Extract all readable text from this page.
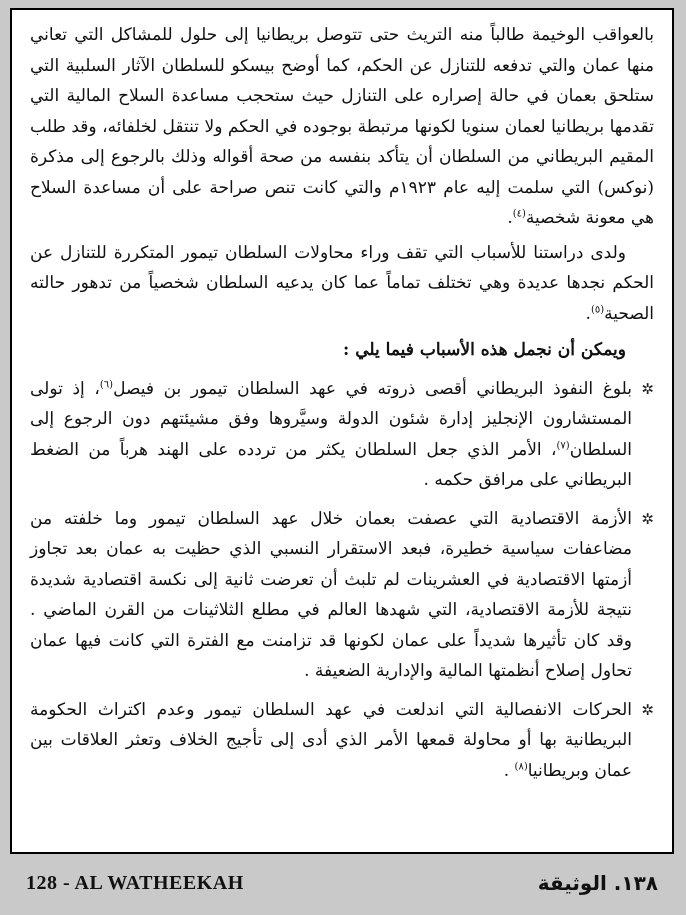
بالعواقب الوخيمة طالباً منه التريث حتى تتوصل بريطانيا إلى حلول للمشاكل التي تعاني منها عمان والتي تدفعه للتنازل عن الحكم، كما أوضح بيسكو للسلطان الآثار السلبية التي ستلحق بعمان في حالة إصراره على التنازل حيث ستحجب مساعدة السلاح المالية التي تقدمها بريطانيا لعمان سنويا لكونها مرتبطة بوجوده في الحكم ولا تنتقل لخلفائه، وقد طلب المقيم البريطاني من السلطان أن يتأكد بنفسه من صحة أقواله وذلك بالرجوع إلى مذكرة (نوكس) التي سلمت إليه عام ١٩٢٣م والتي كانت تنص صراحة على أن مساعدة السلاح هي معونة شخصية$^{(٤)}$.

ولدى دراستنا للأسباب التي تقف وراء محاولات السلطان تيمور المتكررة للتنازل عن الحكم نجدها عديدة وهي تختلف تماماً عما كان يدعيه السلطان شخصياً من تدهور حالته الصحية$^{(٥)}$.

ويمكن أن نجمل هذه الأسباب فيما يلي :

✲
بلوغ النفوذ البريطاني أقصى ذروته في عهد السلطان تيمور بن فيصل$^{(٦)}$، إذ تولى المستشارون الإنجليز إدارة شئون الدولة وسيَّروها وفق مشيئتهم دون الرجوع إلى السلطان$^{(٧)}$، الأمر الذي جعل السلطان يكثر من تردده على الهند هرباً من الضغط البريطاني على مرافق حكمه .
✲
الأزمة الاقتصادية التي عصفت بعمان خلال عهد السلطان تيمور وما خلفته من مضاعفات سياسية خطيرة، فبعد الاستقرار النسبي الذي حظيت به عمان بعد تجاوز أزمتها الاقتصادية في العشرينات لم تلبث أن تعرضت ثانية إلى نكسة اقتصادية شديدة نتيجة للأزمة الاقتصادية، التي شهدها العالم في مطلع الثلاثينات من القرن الماضي . وقد كان تأثيرها شديداً على عمان لكونها قد تزامنت مع الفترة التي كانت فيها عمان تحاول إصلاح أنظمتها المالية والإدارية الضعيفة .
✲
الحركات الانفصالية التي اندلعت في عهد السلطان تيمور وعدم اكتراث الحكومة البريطانية بها أو محاولة قمعها الأمر الذي أدى إلى تأجيج الخلاف وتعثر العلاقات بين عمان وبريطانيا$^{(٨)}$ .
128 - AL WATHEEKAH	١٣٨. الوثيقة
